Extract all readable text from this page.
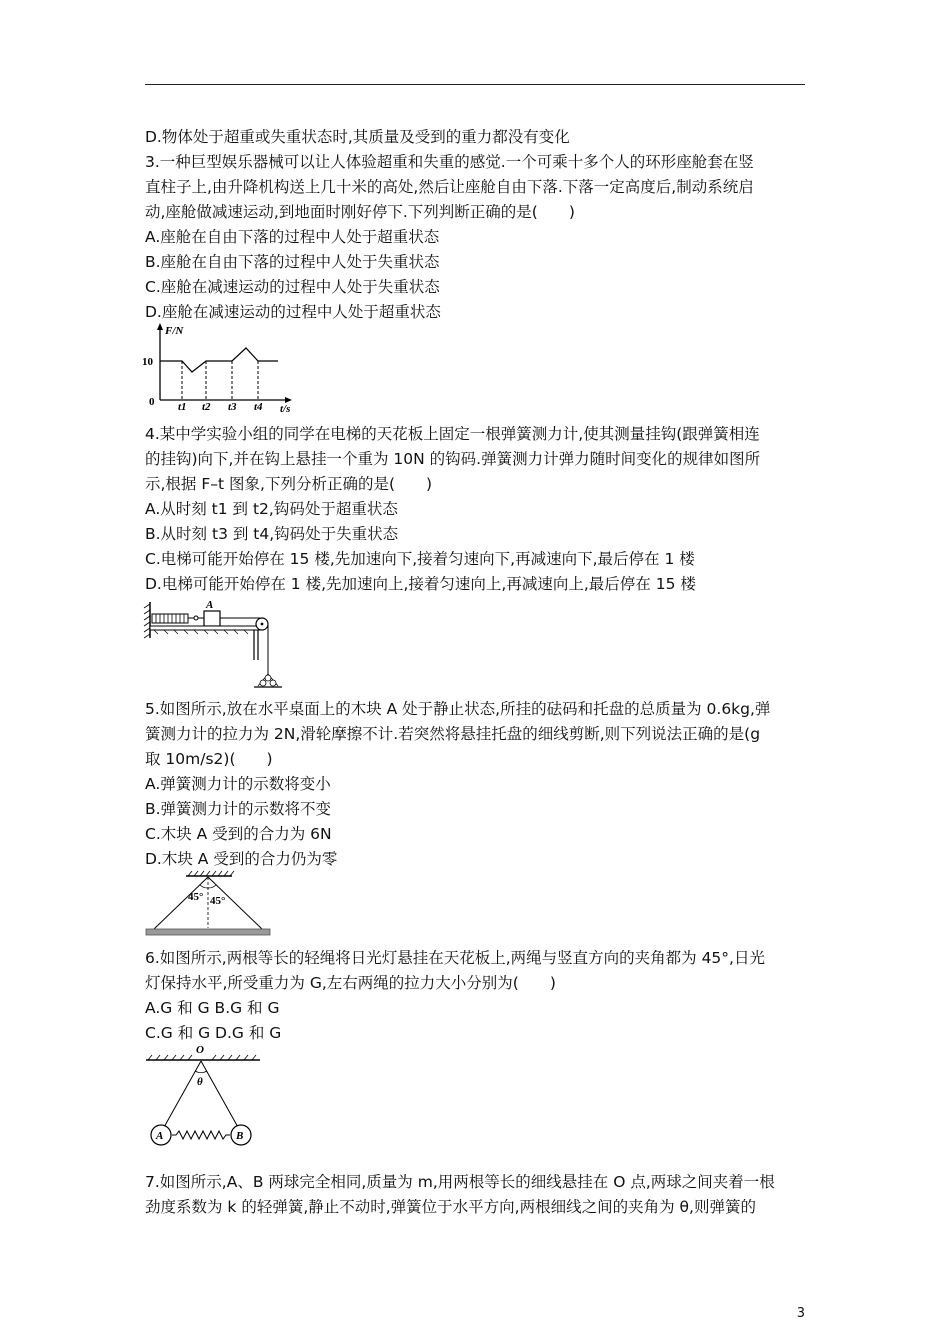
D.物体处于超重或失重状态时,其质量及受到的重力都没有变化
3.一种巨型娱乐器械可以让人体验超重和失重的感觉.一个可乘十多个人的环形座舱套在竖
直柱子上,由升降机构送上几十米的高处,然后让座舱自由下落.下落一定高度后,制动系统启
动,座舱做减速运动,到地面时刚好停下.下列判断正确的是(　　)
A.座舱在自由下落的过程中人处于超重状态
B.座舱在自由下落的过程中人处于失重状态
C.座舱在减速运动的过程中人处于失重状态
D.座舱在减速运动的过程中人处于超重状态
F/N
10
0 t1 t2 t3 t4 t/s
4.某中学实验小组的同学在电梯的天花板上固定一根弹簧测力计,使其测量挂钩(跟弹簧相连
的挂钩)向下,并在钩上悬挂一个重为 10N 的钩码.弹簧测力计弹力随时间变化的规律如图所
示,根据 F–t 图象,下列分析正确的是(　　)
A.从时刻 t1 到 t2,钩码处于超重状态
B.从时刻 t3 到 t4,钩码处于失重状态
C.电梯可能开始停在 15 楼,先加速向下,接着匀速向下,再减速向下,最后停在 1 楼
D.电梯可能开始停在 1 楼,先加速向上,接着匀速向上,再减速向上,最后停在 15 楼
A
5.如图所示,放在水平桌面上的木块 A 处于静止状态,所挂的砝码和托盘的总质量为 0.6kg,弹
簧测力计的拉力为 2N,滑轮摩擦不计.若突然将悬挂托盘的细线剪断,则下列说法正确的是(g
取 10m/s2)(　　)
A.弹簧测力计的示数将变小
B.弹簧测力计的示数将不变
C.木块 A 受到的合力为 6N
D.木块 A 受到的合力仍为零
45° 45°
6.如图所示,两根等长的轻绳将日光灯悬挂在天花板上,两绳与竖直方向的夹角都为 45°,日光
灯保持水平,所受重力为 G,左右两绳的拉力大小分别为(　　)
A.G 和 G B.G 和 G
C.G 和 G D.G 和 G
O
θ
A	B
7.如图所示,A、B 两球完全相同,质量为 m,用两根等长的细线悬挂在 O 点,两球之间夹着一根
劲度系数为 k 的轻弹簧,静止不动时,弹簧位于水平方向,两根细线之间的夹角为 θ,则弹簧的
3
